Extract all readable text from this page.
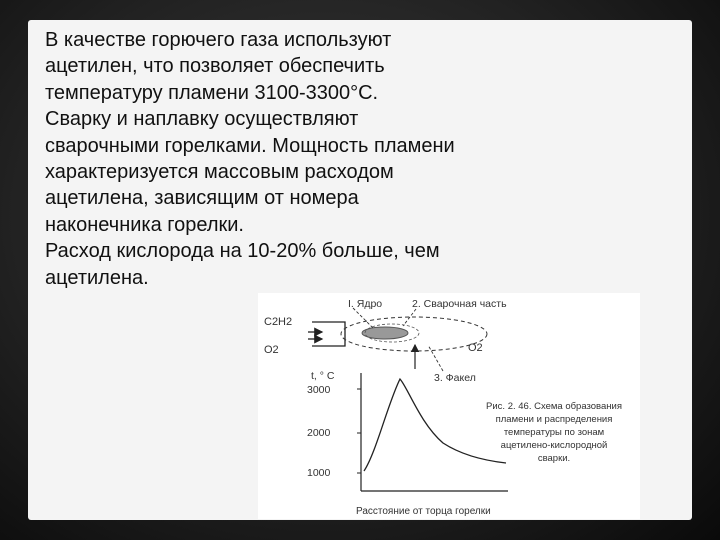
В качестве горючего газа используют
ацетилен, что позволяет обеспечить
температуру пламени 3100-3300°С.
Сварку и наплавку осуществляют
сварочными горелками. Мощность пламени
характеризуется массовым расходом
ацетилена, зависящим от номера
наконечника горелки.
Расход кислорода на 10-20% больше, чем
ацетилена.

I. Ядро	2. Сварочная часть
3. Факел
C2H2
O2	O2
t, ° C
3000
2000
1000
Расстояние от торца горелки
Рис. 2. 46. Схема образования
пламени и распределения
температуры по зонам
ацетилено-кислородной
сварки.
